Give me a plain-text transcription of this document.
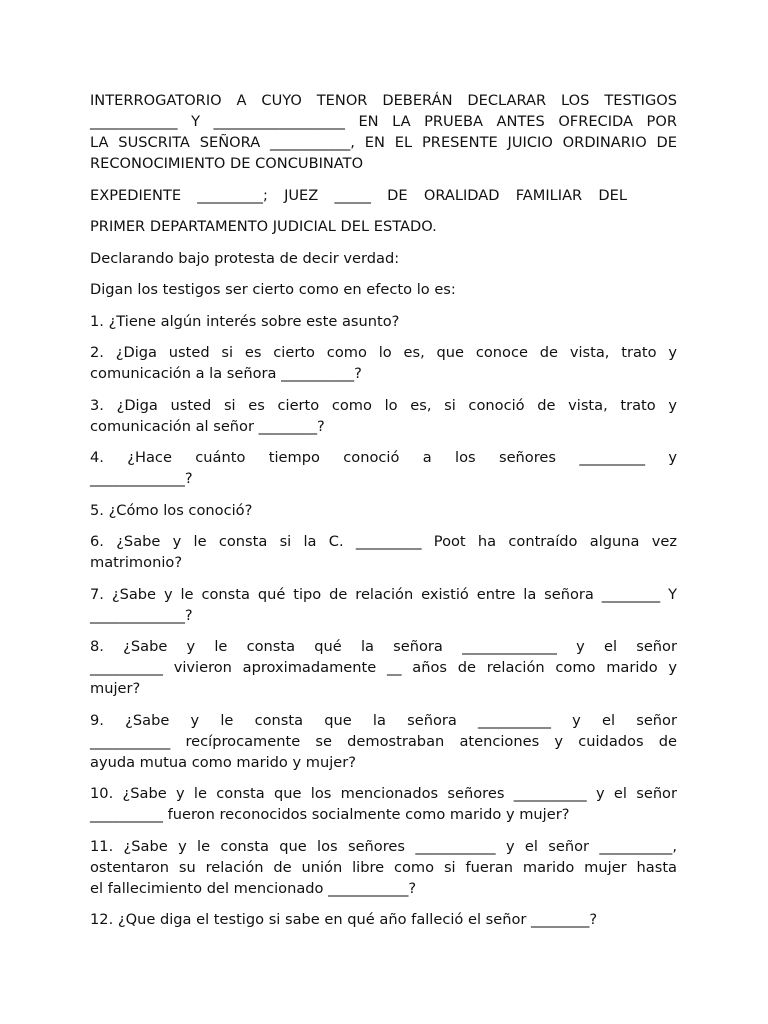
INTERROGATORIO A CUYO TENOR DEBERÁN DECLARAR LOS TESTIGOS
____________ Y __________________ EN LA PRUEBA ANTES OFRECIDA POR
LA SUSCRITA SEÑORA ___________, EN EL PRESENTE JUICIO ORDINARIO DE
RECONOCIMIENTO DE CONCUBINATO
EXPEDIENTE _________; JUEZ _____ DE ORALIDAD FAMILIAR DEL
PRIMER DEPARTAMENTO JUDICIAL DEL ESTADO.
Declarando bajo protesta de decir verdad:
Digan los testigos ser cierto como en efecto lo es:
1. ¿Tiene algún interés sobre este asunto?
2. ¿Diga usted si es cierto como lo es, que conoce de vista, trato y
comunicación a la señora __________?
3. ¿Diga usted si es cierto como lo es, si conoció de vista, trato y
comunicación al señor ________?
4. ¿Hace cuánto tiempo conoció a los señores _________ y
_____________?
5. ¿Cómo los conoció?
6. ¿Sabe y le consta si la C. _________ Poot ha contraído alguna vez
matrimonio?
7. ¿Sabe y le consta qué tipo de relación existió entre la señora ________ Y
_____________?
8. ¿Sabe y le consta qué la señora _____________ y el señor
__________ vivieron aproximadamente __ años de relación como marido y
mujer?
9. ¿Sabe y le consta que la señora __________ y el señor
___________ recíprocamente se demostraban atenciones y cuidados de
ayuda mutua como marido y mujer?
10. ¿Sabe y le consta que los mencionados señores __________ y el señor
__________ fueron reconocidos socialmente como marido y mujer?
11. ¿Sabe y le consta que los señores ___________ y el señor __________,
ostentaron su relación de unión libre como si fueran marido mujer hasta
el fallecimiento del mencionado ___________?
12. ¿Que diga el testigo si sabe en qué año falleció el señor ________?
